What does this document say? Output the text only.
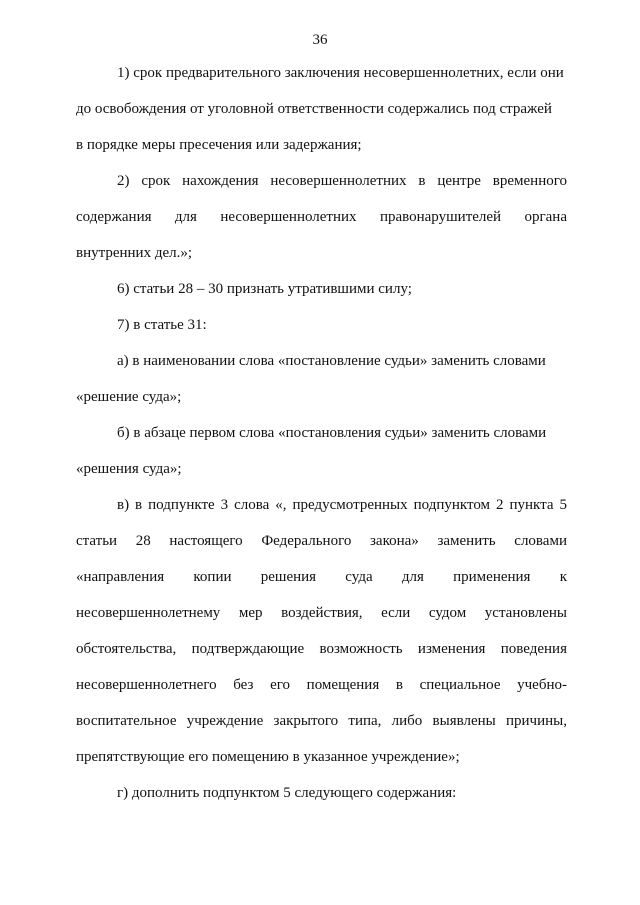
36
1) срок предварительного заключения несовершеннолетних, если они
до освобождения от уголовной ответственности содержались под стражей
в порядке меры пресечения или задержания;
2) срок нахождения несовершеннолетних в центре временного
содержания для несовершеннолетних правонарушителей органа
внутренних дел.»;
6) статьи 28 – 30 признать утратившими силу;
7) в статье 31:
а) в наименовании слова «постановление судьи» заменить словами
«решение суда»;
б) в абзаце первом слова «постановления судьи» заменить словами
«решения суда»;
в) в подпункте 3 слова «, предусмотренных подпунктом 2 пункта 5
статьи 28 настоящего Федерального закона» заменить словами
«направления копии решения суда для применения к
несовершеннолетнему мер воздействия, если судом установлены
обстоятельства, подтверждающие возможность изменения поведения
несовершеннолетнего без его помещения в специальное учебно-
воспитательное учреждение закрытого типа, либо выявлены причины,
препятствующие его помещению в указанное учреждение»;
г) дополнить подпунктом 5 следующего содержания:
